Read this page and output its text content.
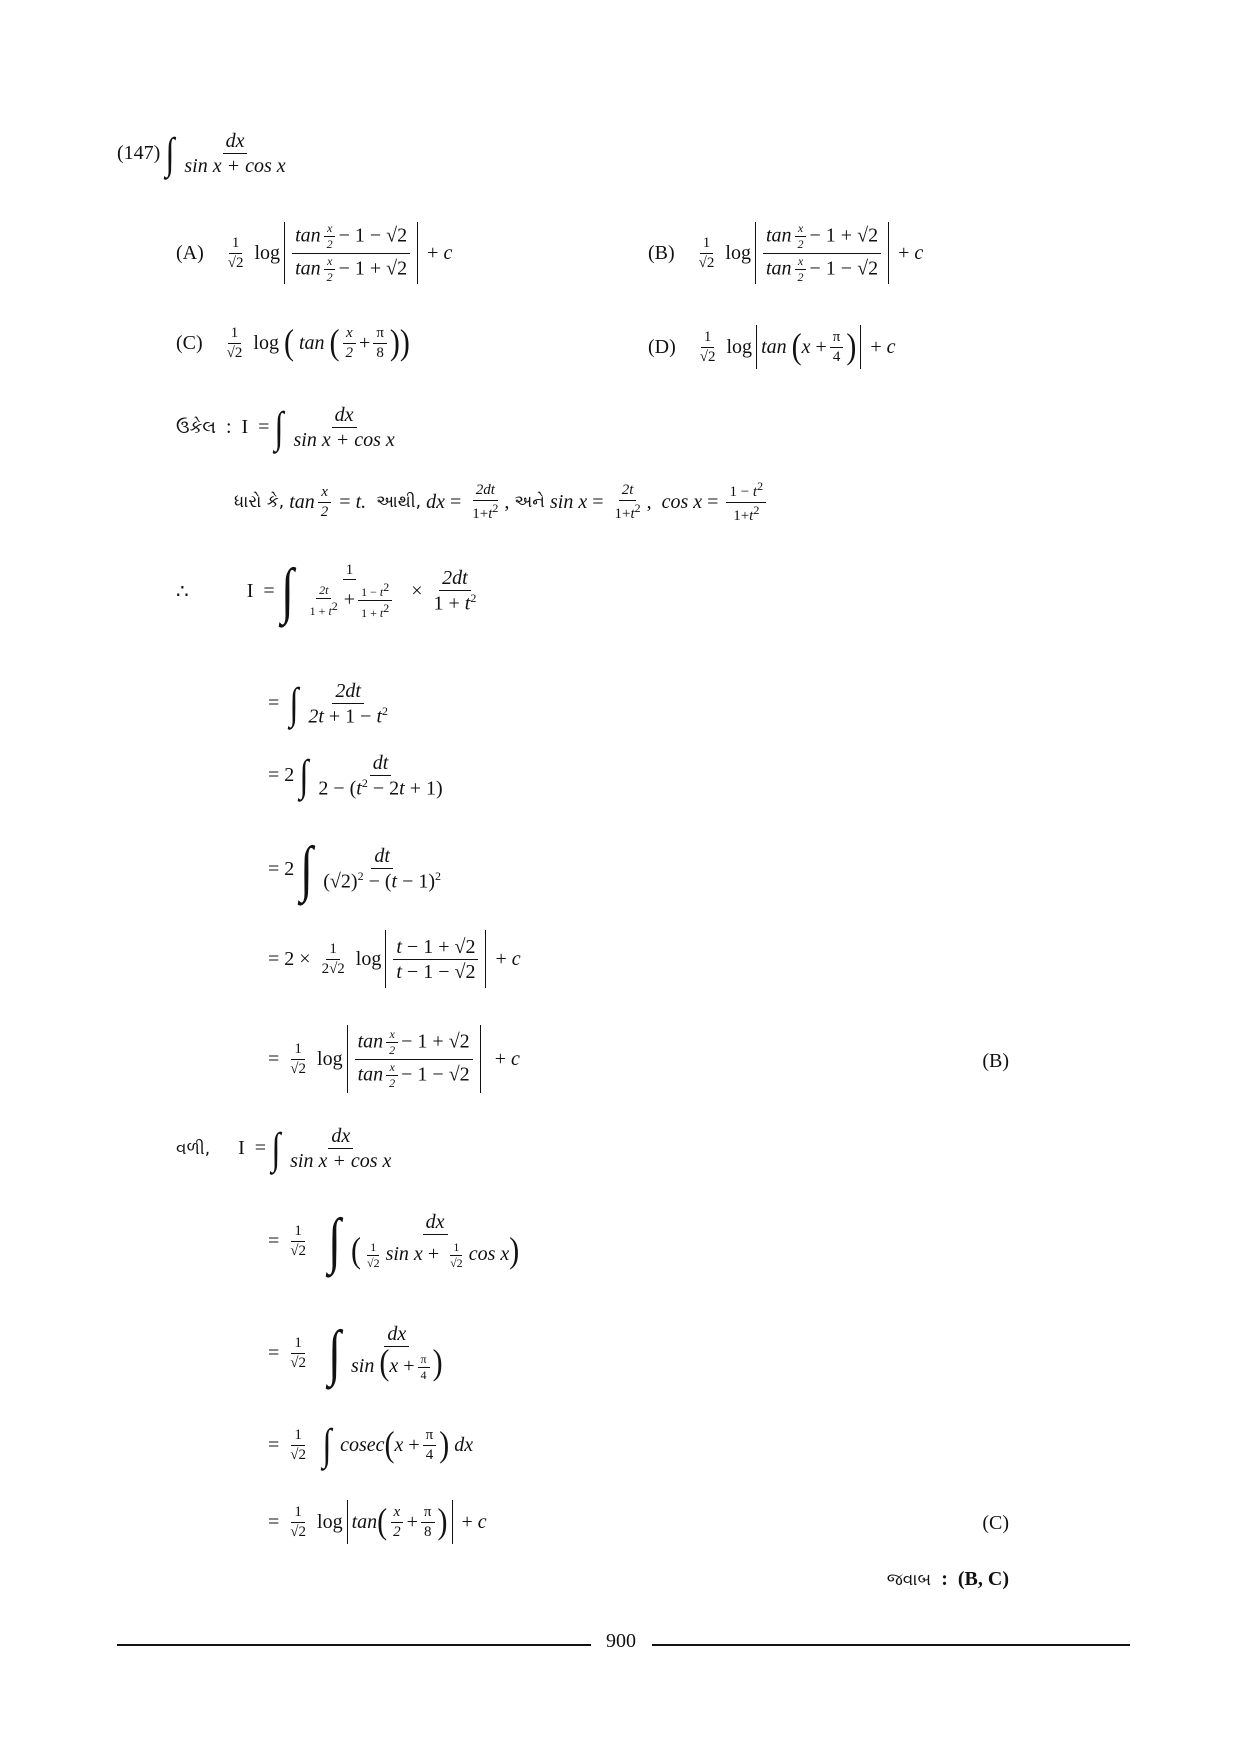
(147) ∫ $\frac{dx}{\text{sin x + cos x}}$
$(A) \frac{1}{√2}$ $\log \frac{\tan \frac{x}{2} - 1 - √2}{\tan \frac{x}{2} - 1 + √2} + c$	$(B) \frac{1}{√2}$ $\log \frac{\tan \frac{x}{2} - 1 + √2}{\tan \frac{x}{2} - 1 - √2} + c$
$(C) \frac{1}{√2}$ log ( tan ( $\frac{x}{2} + \frac{\pi}{8}$ ) )	$(D) \frac{1}{√2}$ log tan ( $x + \frac{\pi}{4}$ ) + c
ઉકેલ :  I  = ∫ $\frac{dx}{\text{sin x + cos x}}$
ધારો કે,
$\tan \frac{x}{2} = t$.
આથી,
dx = $\frac{2dt}{1+t^2}$ , અને
$\sin x = \frac{2t}{1+t^2}$ , $\cos x = \frac{1 - t^2}{1+t^2}$
∴	I  = ∫ $\frac{1}{\frac{2t}{1 + t^2} + \frac{1 - t^2}{1 + t^2}} \times \frac{2dt}{1 + t^2}$
= ∫ $\frac{2dt}{2t + 1 - t^2}$
= 2 ∫ $\frac{dt}{2 - (t^2 - 2t + 1)}$
= 2 ∫ $\frac{dt}{(√2)^2 - (t - 1)^2}$
= $2 \times \frac{1}{2√2}$ $\log \frac{t - 1 + √2}{t - 1 - √2} + c$
= $\frac{1}{√2}$ $\log \frac{\tan \frac{x}{2} - 1 + √2}{\tan \frac{x}{2} - 1 - √2} + c$	(B)
વળી, I  = ∫ $\frac{dx}{\text{sin x + cos x}}$
= $\frac{1}{√2}$
∫ $\frac{dx}{( \frac{1}{√2} \sin x + \frac{1}{√2} \cos x)}$
= $\frac{1}{√2}$
∫ $\frac{dx}{\sin (x + \frac{\pi}{4} )}$
= $\frac{1}{√2}$
∫ cosec ( $x + \frac{\pi}{4}$ )
dx
= $\frac{1}{√2}$ log tan ( $\frac{x}{2} + \frac{\pi}{8}$ ) + c	(C)
જવાબ : (B, C)
900
